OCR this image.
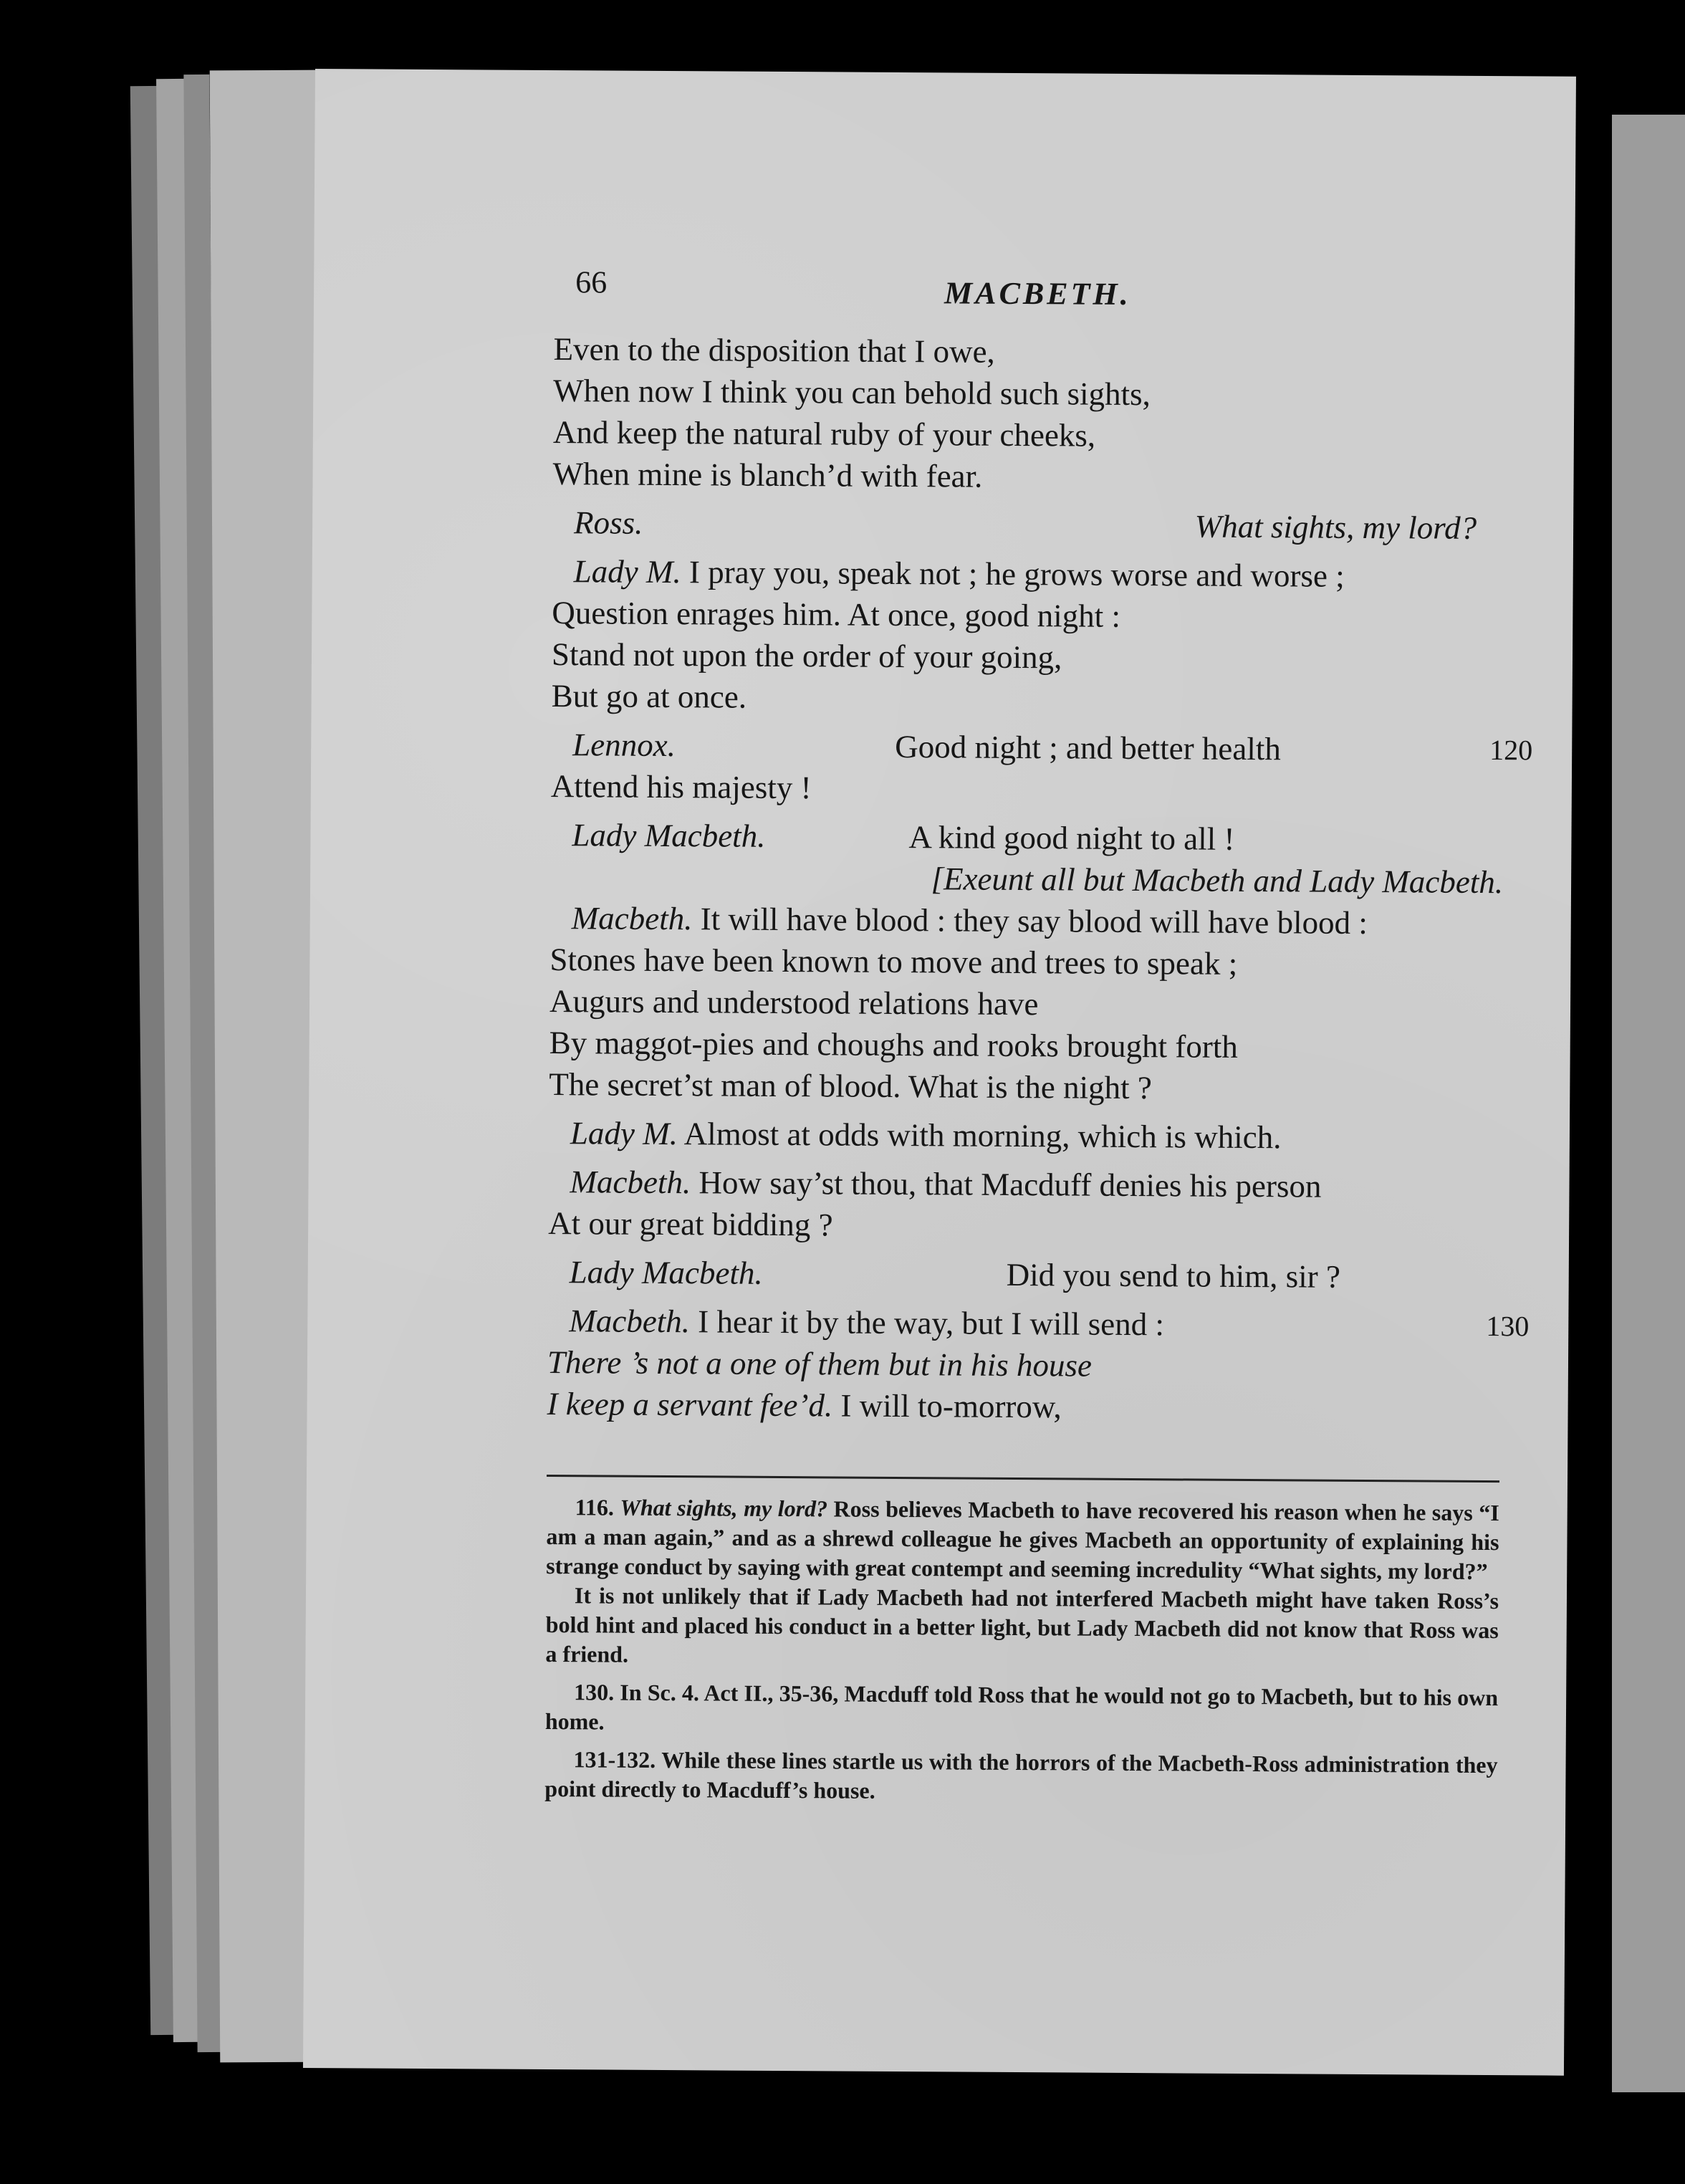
66	MACBETH.
Even to the disposition that I owe,
When now I think you can behold such sights,
And keep the natural ruby of your cheeks,
When mine is blanch’d with fear.
Ross.	What sights, my lord?
Lady M. I pray you, speak not ; he grows worse and worse ;
Question enrages him. At once, good night :
Stand not upon the order of your going,
But go at once.
Lennox.	Good night ; and better health	120
Attend his majesty !
Lady Macbeth.	A kind good night to all !
[Exeunt all but Macbeth and Lady Macbeth.
Macbeth. It will have blood : they say blood will have blood :
Stones have been known to move and trees to speak ;
Augurs and understood relations have
By maggot-pies and choughs and rooks brought forth
The secret’st man of blood. What is the night ?
Lady M. Almost at odds with morning, which is which.
Macbeth. How say’st thou, that Macduff denies his person
At our great bidding ?
Lady Macbeth.	Did you send to him, sir ?
Macbeth. I hear it by the way, but I will send :	130
There ’s not a one of them but in his house
I keep a servant fee’d. I will to-morrow,
116. What sights, my lord? Ross believes Macbeth to have recovered his reason when he says “I am a man again,” and as a shrewd colleague he gives Macbeth an opportunity of explaining his strange conduct by saying with great contempt and seeming incredulity “What sights, my lord?”
It is not unlikely that if Lady Macbeth had not interfered Macbeth might have taken Ross’s bold hint and placed his conduct in a better light, but Lady Macbeth did not know that Ross was a friend.
130. In Sc. 4. Act II., 35-36, Macduff told Ross that he would not go to Macbeth, but to his own home.
131-132. While these lines startle us with the horrors of the Macbeth-Ross administration they point directly to Macduff’s house.
